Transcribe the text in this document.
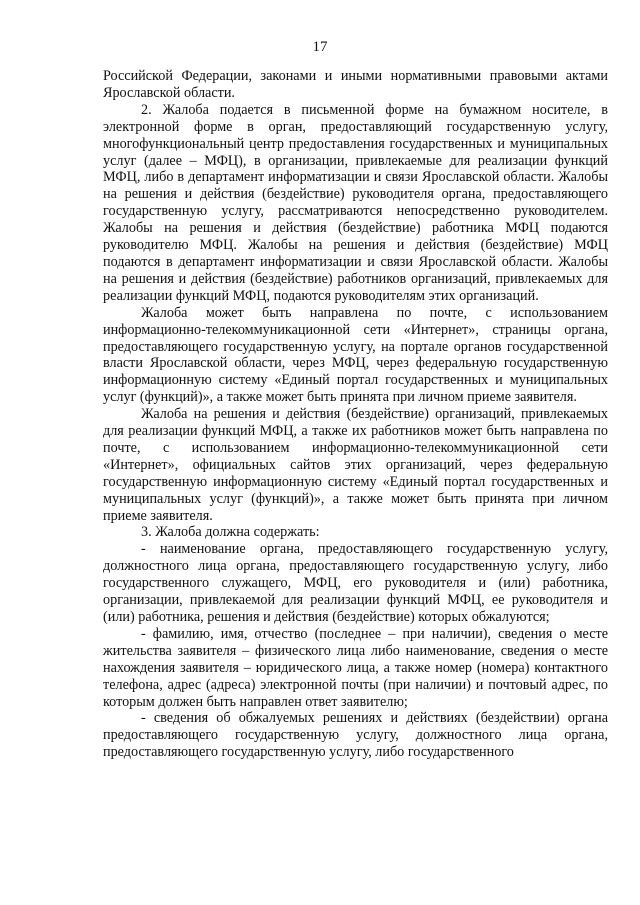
17

Российской Федерации, законами и иными нормативными правовыми актами Ярославской области.

2. Жалоба подается в письменной форме на бумажном носителе, в электронной форме в орган, предоставляющий государственную услугу, многофункциональный центр предоставления государственных и муниципальных услуг (далее – МФЦ), в организации, привлекаемые для реализации функций МФЦ, либо в департамент информатизации и связи Ярославской области. Жалобы на решения и действия (бездействие) руководителя органа, предоставляющего государственную услугу, рассматриваются непосредственно руководителем. Жалобы на решения и действия (бездействие) работника МФЦ подаются руководителю МФЦ. Жалобы на решения и действия (бездействие) МФЦ подаются в департамент информатизации и связи Ярославской области. Жалобы на решения и действия (бездействие) работников организаций, привлекаемых для реализации функций МФЦ, подаются руководителям этих организаций.

Жалоба может быть направлена по почте, с использованием информационно-телекоммуникационной сети «Интернет», страницы органа, предоставляющего государственную услугу, на портале органов государственной власти Ярославской области, через МФЦ, через федеральную государственную информационную систему «Единый портал государственных и муниципальных услуг (функций)», а также может быть принята при личном приеме заявителя.

Жалоба на решения и действия (бездействие) организаций, привлекаемых для реализации функций МФЦ, а также их работников может быть направлена по почте, с использованием информационно-телекоммуникационной сети «Интернет», официальных сайтов этих организаций, через федеральную государственную информационную систему «Единый портал государственных и муниципальных услуг (функций)», а также может быть принята при личном приеме заявителя.

3. Жалоба должна содержать:

- наименование органа, предоставляющего государственную услугу, должностного лица органа, предоставляющего государственную услугу, либо государственного служащего, МФЦ, его руководителя и (или) работника, организации, привлекаемой для реализации функций МФЦ, ее руководителя и (или) работника, решения и действия (бездействие) которых обжалуются;

- фамилию, имя, отчество (последнее – при наличии), сведения о месте жительства заявителя – физического лица либо наименование, сведения о месте нахождения заявителя – юридического лица, а также номер (номера) контактного телефона, адрес (адреса) электронной почты (при наличии) и почтовый адрес, по которым должен быть направлен ответ заявителю;

- сведения об обжалуемых решениях и действиях (бездействии) органа предоставляющего государственную услугу, должностного лица органа, предоставляющего государственную услугу, либо государственного
